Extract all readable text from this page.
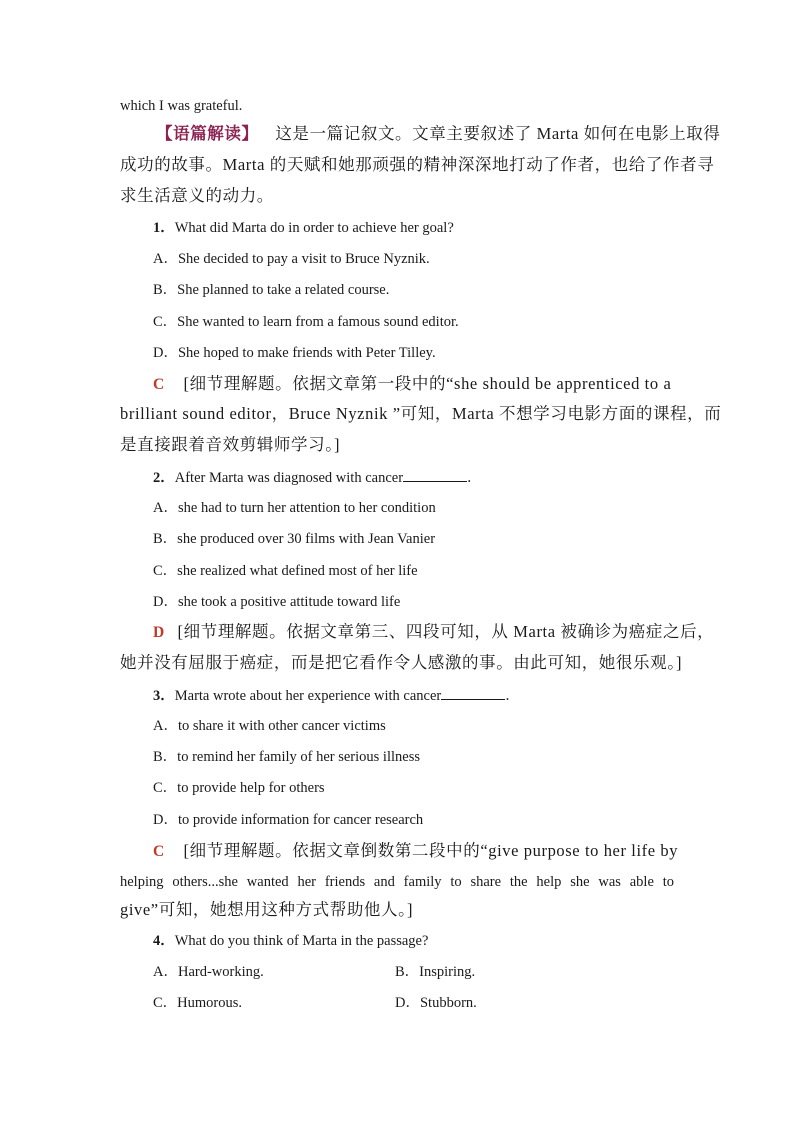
which I was grateful.
【语篇解读】 这是一篇记叙文。文章主要叙述了 Marta 如何在电影上取得
成功的故事。Marta 的天赋和她那顽强的精神深深地打动了作者，也给了作者寻
求生活意义的动力。
1．What did Marta do in order to achieve her goal?
A．She decided to pay a visit to Bruce Nyznik.
B．She planned to take a related course.
C．She wanted to learn from a famous sound editor.
D．She hoped to make friends with Peter Tilley.
C [细节理解题。依据文章第一段中的“she should be apprenticed to a
brilliant sound editor，Bruce Nyznik ”可知，Marta 不想学习电影方面的课程，而
是直接跟着音效剪辑师学习。]
2．After Marta was diagnosed with cancer	．
A．she had to turn her attention to her condition
B．she produced over 30 films with Jean Vanier
C．she realized what defined most of her life
D．she took a positive attitude toward life
D [细节理解题。依据文章第三、四段可知，从 Marta 被确诊为癌症之后，
她并没有屈服于癌症，而是把它看作令人感激的事。由此可知，她很乐观。]
3．Marta wrote about her experience with cancer	．
A．to share it with other cancer victims
B．to remind her family of her serious illness
C．to provide help for others
D．to provide information for cancer research
C [细节理解题。依据文章倒数第二段中的“give purpose to her life by
helping others...she wanted her friends and family to share the help she was able to
give”可知，她想用这种方式帮助他人。]
4．What do you think of Marta in the passage?
A．Hard-working.	B．Inspiring.
C．Humorous.	D．Stubborn.
